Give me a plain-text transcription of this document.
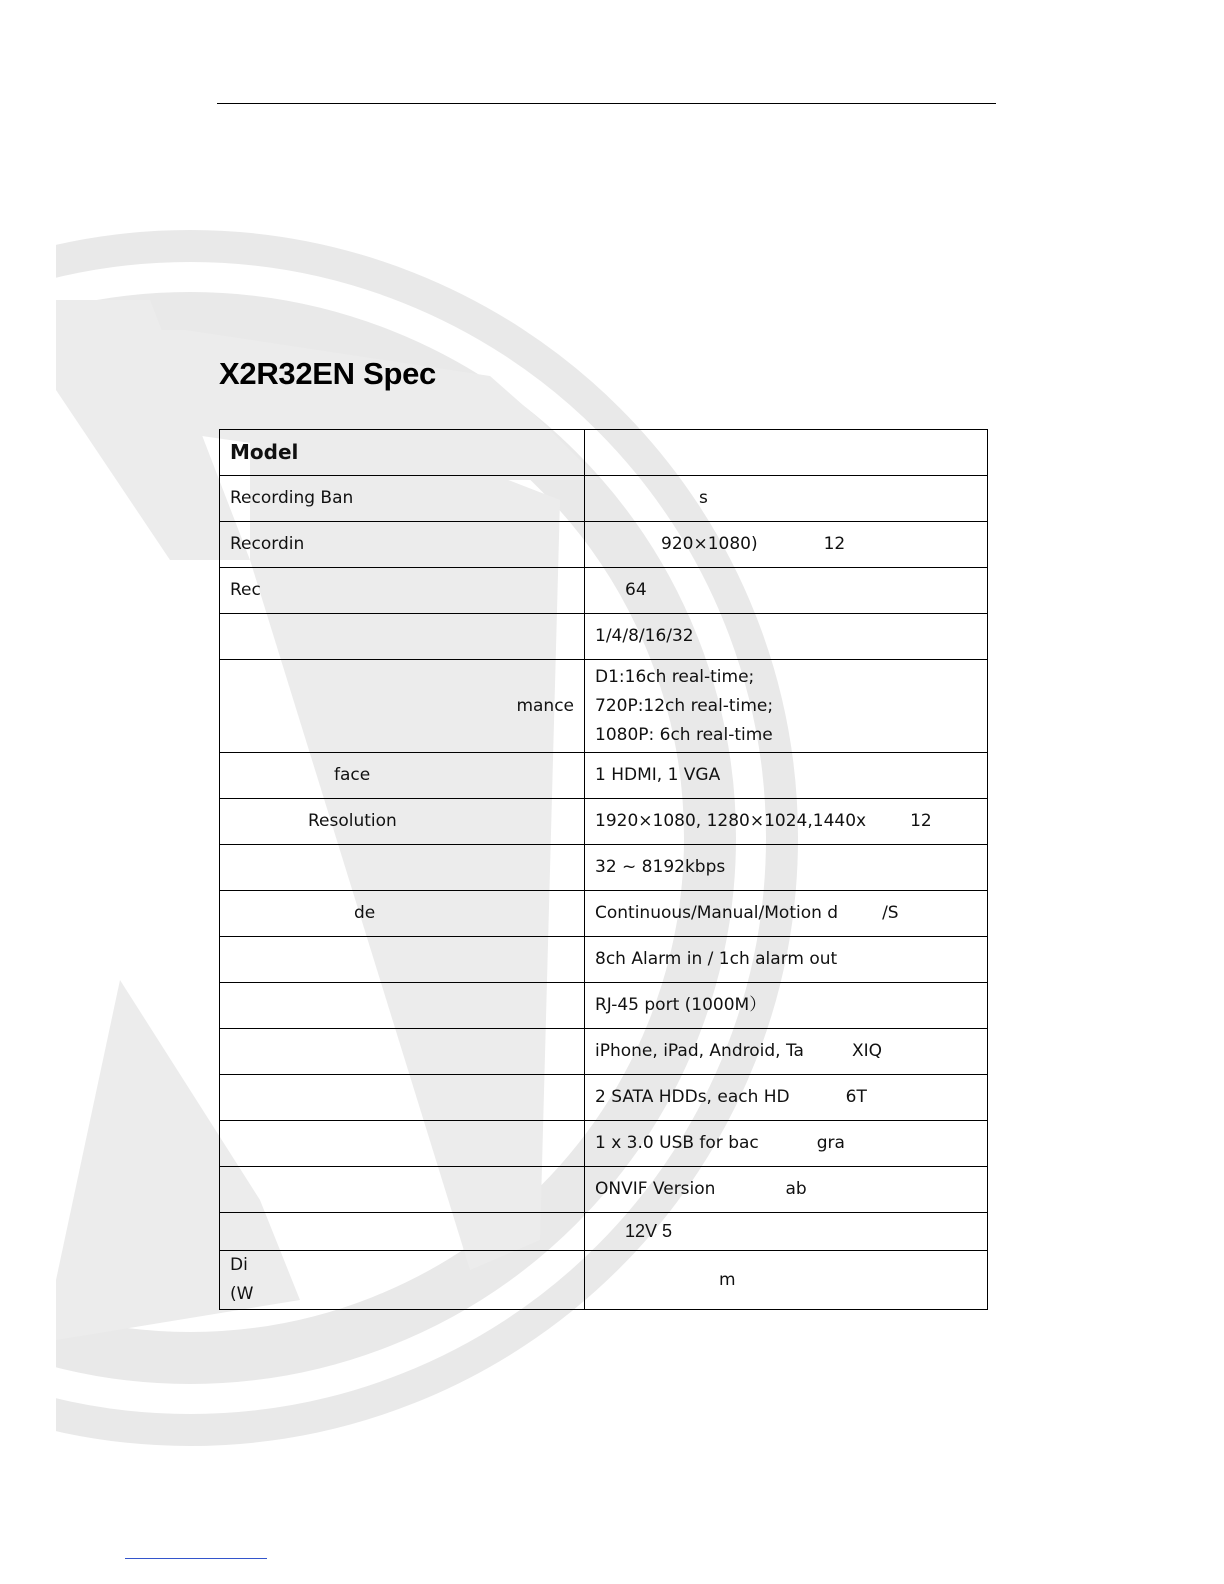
X2R32EN Spec
Model	
Recording Ban	s
Recordin	920×1080) 12
Rec	64
	1/4/8/16/32
mance	D1:16ch real-time;
720P:12ch real-time;
1080P: 6ch real-time

face	1 HDMI, 1 VGA
Resolution	1920×1080, 1280×1024,1440x 12
	32 ~ 8192kbps
de	Continuous/Manual/Motion d /S
	8ch Alarm in / 1ch alarm out
	RJ-45 port (1000M）
	iPhone, iPad, Android, Ta XIQ
	2 SATA HDDs, each HD 6T
	1 x 3.0 USB for bac gra
	ONVIF Version ab
	12V 5

Di
(W	m
